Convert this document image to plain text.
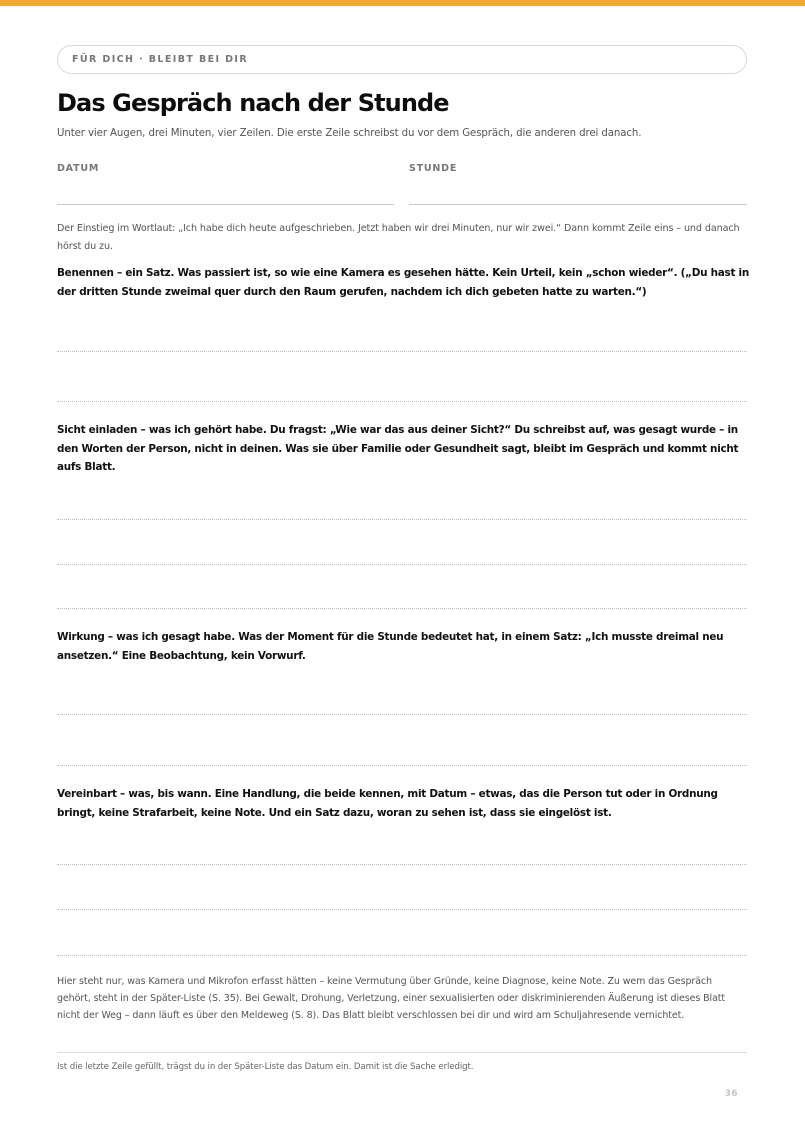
FÜR DICH · BLEIBT BEI DIR
Das Gespräch nach der Stunde

Unter vier Augen, drei Minuten, vier Zeilen. Die erste Zeile schreibst du vor dem Gespräch, die anderen drei danach.

DATUM	STUNDE

Der Einstieg im Wortlaut: „Ich habe dich heute aufgeschrieben. Jetzt haben wir drei Minuten, nur wir zwei.“ Dann kommt Zeile eins – und danach hörst du zu.

Benennen – ein Satz. Was passiert ist, so wie eine Kamera es gesehen hätte. Kein Urteil, kein „schon wieder“. („Du hast in der dritten Stunde zweimal quer durch den Raum gerufen, nachdem ich dich gebeten hatte zu warten.“)

Sicht einladen – was ich gehört habe. Du fragst: „Wie war das aus deiner Sicht?“ Du schreibst auf, was gesagt wurde – in den Worten der Person, nicht in deinen. Was sie über Familie oder Gesundheit sagt, bleibt im Gespräch und kommt nicht aufs Blatt.

Wirkung – was ich gesagt habe. Was der Moment für die Stunde bedeutet hat, in einem Satz: „Ich musste dreimal neu ansetzen.“ Eine Beobachtung, kein Vorwurf.

Vereinbart – was, bis wann. Eine Handlung, die beide kennen, mit Datum – etwas, das die Person tut oder in Ordnung bringt, keine Strafarbeit, keine Note. Und ein Satz dazu, woran zu sehen ist, dass sie eingelöst ist.

Hier steht nur, was Kamera und Mikrofon erfasst hätten – keine Vermutung über Gründe, keine Diagnose, keine Note. Zu wem das Gespräch gehört, steht in der Später-Liste (S. 35). Bei Gewalt, Drohung, Verletzung, einer sexualisierten oder diskriminierenden Äußerung ist dieses Blatt nicht der Weg – dann läuft es über den Meldeweg (S. 8). Das Blatt bleibt verschlossen bei dir und wird am Schuljahresende vernichtet.

Ist die letzte Zeile gefüllt, trägst du in der Später-Liste das Datum ein. Damit ist die Sache erledigt.

36
